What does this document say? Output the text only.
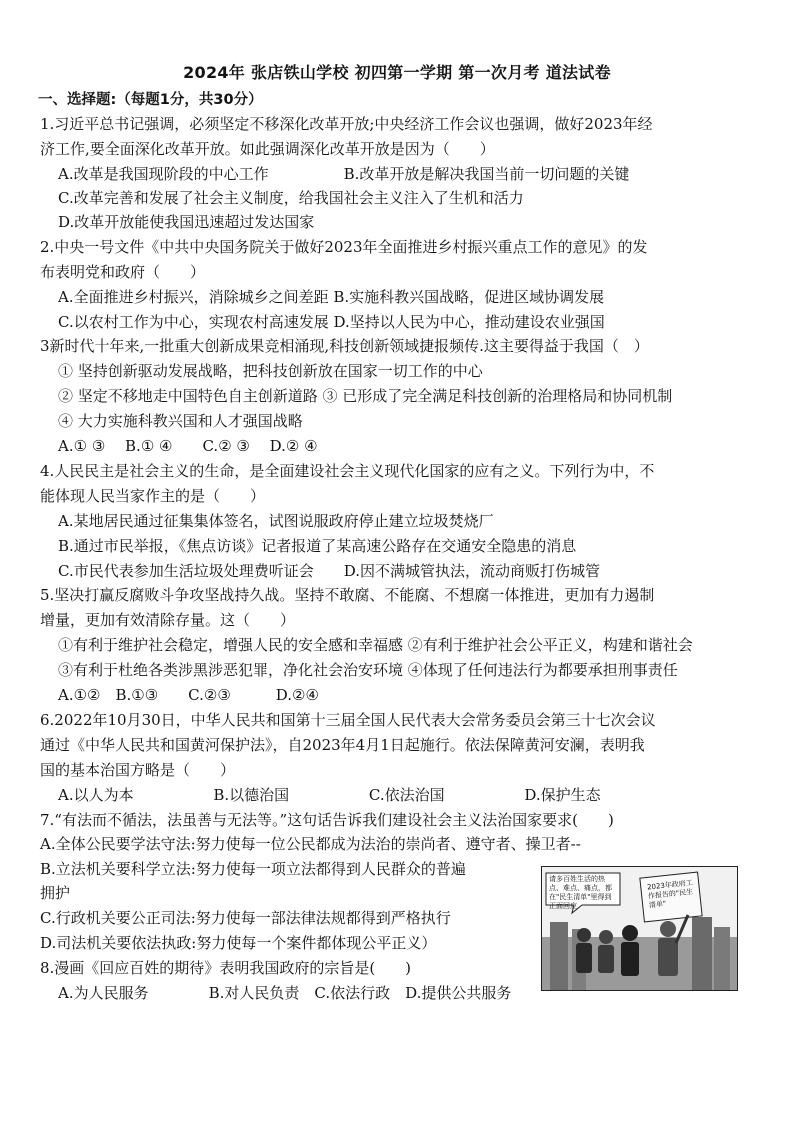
2024年 张店铁山学校 初四第一学期 第一次月考 道法试卷
一、选择题:（每题1分，共30分）
1.习近平总书记强调，必须坚定不移深化改革开放;中央经济工作会议也强调，做好2023年经
济工作,要全面深化改革开放。如此强调深化改革开放是因为（　　）
A.改革是我国现阶段的中心工作　　　　　B.改革开放是解决我国当前一切问题的关键
C.改革完善和发展了社会主义制度，给我国社会主义注入了生机和活力
D.改革开放能使我国迅速超过发达国家
2.中央一号文件《中共中央国务院关于做好2023年全面推进乡村振兴重点工作的意见》的发
布表明党和政府（　　）
A.全面推进乡村振兴，消除城乡之间差距 B.实施科教兴国战略，促进区域协调发展
C.以农村工作为中心，实现农村高速发展 D.坚持以人民为中心，推动建设农业强国
3新时代十年来,一批重大创新成果竞相涌现,科技创新领域捷报频传.这主要得益于我国（　）
① 坚持创新驱动发展战略，把科技创新放在国家一切工作的中心
② 坚定不移地走中国特色自主创新道路 ③ 已形成了完全满足科技创新的治理格局和协同机制
④ 大力实施科教兴国和人才强国战略
A.① ③　 B.① ④　　C.② ③　 D.② ④
4.人民民主是社会主义的生命，是全面建设社会主义现代化国家的应有之义。下列行为中，不
能体现人民当家作主的是（　　）
A.某地居民通过征集集体签名，试图说服政府停止建立垃圾焚烧厂
B.通过市民举报，《焦点访谈》记者报道了某高速公路存在交通安全隐患的消息
C.市民代表参加生活垃圾处理费听证会　　D.因不满城管执法，流动商贩打伤城管
5.坚决打赢反腐败斗争攻坚战持久战。坚持不敢腐、不能腐、不想腐一体推进，更加有力遏制
增量，更加有效清除存量。这（　　）
①有利于维护社会稳定，增强人民的安全感和幸福感 ②有利于维护社会公平正义，构建和谐社会
③有利于杜绝各类涉黑涉恶犯罪，净化社会治安环境 ④体现了任何违法行为都要承担刑事责任
A.①②　B.①③　　C.②③　　　D.②④
6.2022年10月30日，中华人民共和国第十三届全国人民代表大会常务委员会第三十七次会议
通过《中华人民共和国黄河保护法》，自2023年4月1日起施行。依法保障黄河安澜，表明我
国的基本治国方略是（　　）
A.以人为本　　　　　 B.以德治国　　　　　 C.依法治国　　　　　 D.保护生态
7.“有法而不循法，法虽善与无法等。”这句话告诉我们建设社会主义法治国家要求(　　)
A.全体公民要学法守法:努力使每一位公民都成为法治的崇尚者、遵守者、操卫者--
B.立法机关要科学立法:努力使每一项立法都得到人民群众的普遍
拥护
C.行政机关要公正司法:努力使每一部法律法规都得到严格执行
D.司法机关要依法执政:努力使每一个案件都体现公平正义）
8.漫画《回应百姓的期待》表明我国政府的宗旨是(　　)
A.为人民服务　　　　B.对人民负责　C.依法行政　D.提供公共服务
请多百姓生活的热点、难点、痛点，都在"民生清单"里得到正面回应
2023年政府工作报告的"民生清单"
